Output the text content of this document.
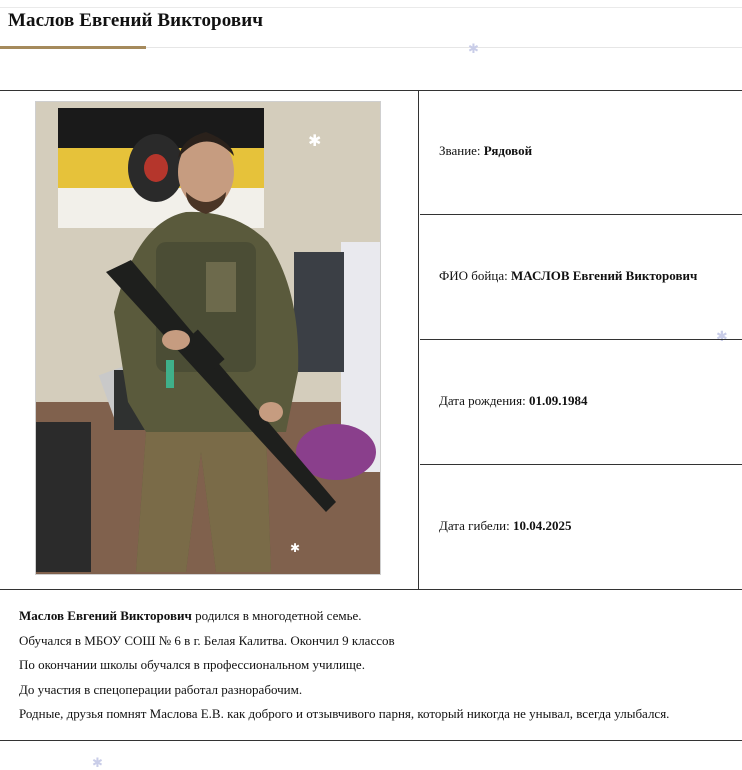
Маслов Евгений Викторович
✱
✱
✱
✱
✱
Звание: Рядовой
ФИО бойца: МАСЛОВ Евгений Викторович
Дата рождения: 01.09.1984
Дата гибели: 10.04.2025
Маслов Евгений Викторович родился в многодетной семье.
Обучался в МБОУ СОШ № 6 в г. Белая Калитва. Окончил 9 классов
По окончании школы обучался в профессиональном училище.
До участия в спецоперации работал разнорабочим.
Родные, друзья помнят Маслова Е.В. как доброго и отзывчивого парня, который никогда не унывал, всегда улыбался.
